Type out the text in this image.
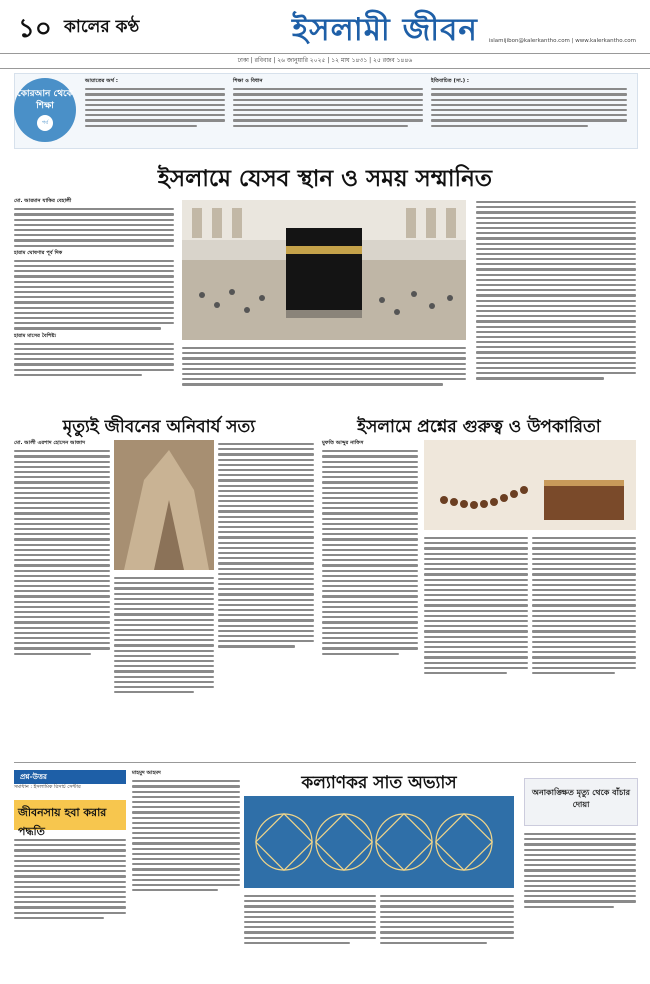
১০ কালের কণ্ঠ	ইসলামী জীবন islamijibon@kalerkantho.com | www.kalerkantho.com
ঢাকা | রবিবার | ২৬ জানুয়ারি ২০২৫ | ১২ মাঘ ১৪৩১ | ২৫ রজব ১৪৪৬
আয়াতের অর্থ :	শিক্ষা ও বিধান	ইতিবাচিত (সা.) :
কোরআন থেকে শিক্ষা
পর্ব ৬২৬
ইসলামে যেসব স্থান ও সময় সম্মানিত
মো. আরমান যাকির বেহালী
হারাম ঘোষণার পূর্ব দিক
হারাম মাসের বৈশিষ্ট্য
মৃত্যুই জীবনের অনিবার্য সত্য
মো. আলী এরশাদ হোসেন আজাদ
ইসলামে প্রশ্নের গুরুত্ব ও উপকারিতা
মুফতি আব্দুর নাফিস
প্রশ্ন-উত্তর
সমাধান : ইসলামিক রিসার্চ সেন্টার
জীবনসায় হবা করার পদ্ধতি
মাহমুদ আহমদ	কল্যাণকর সাত অভ্যাস	অনাকাঙ্ক্ষিত মৃত্যু থেকে বাঁচার দোয়া
